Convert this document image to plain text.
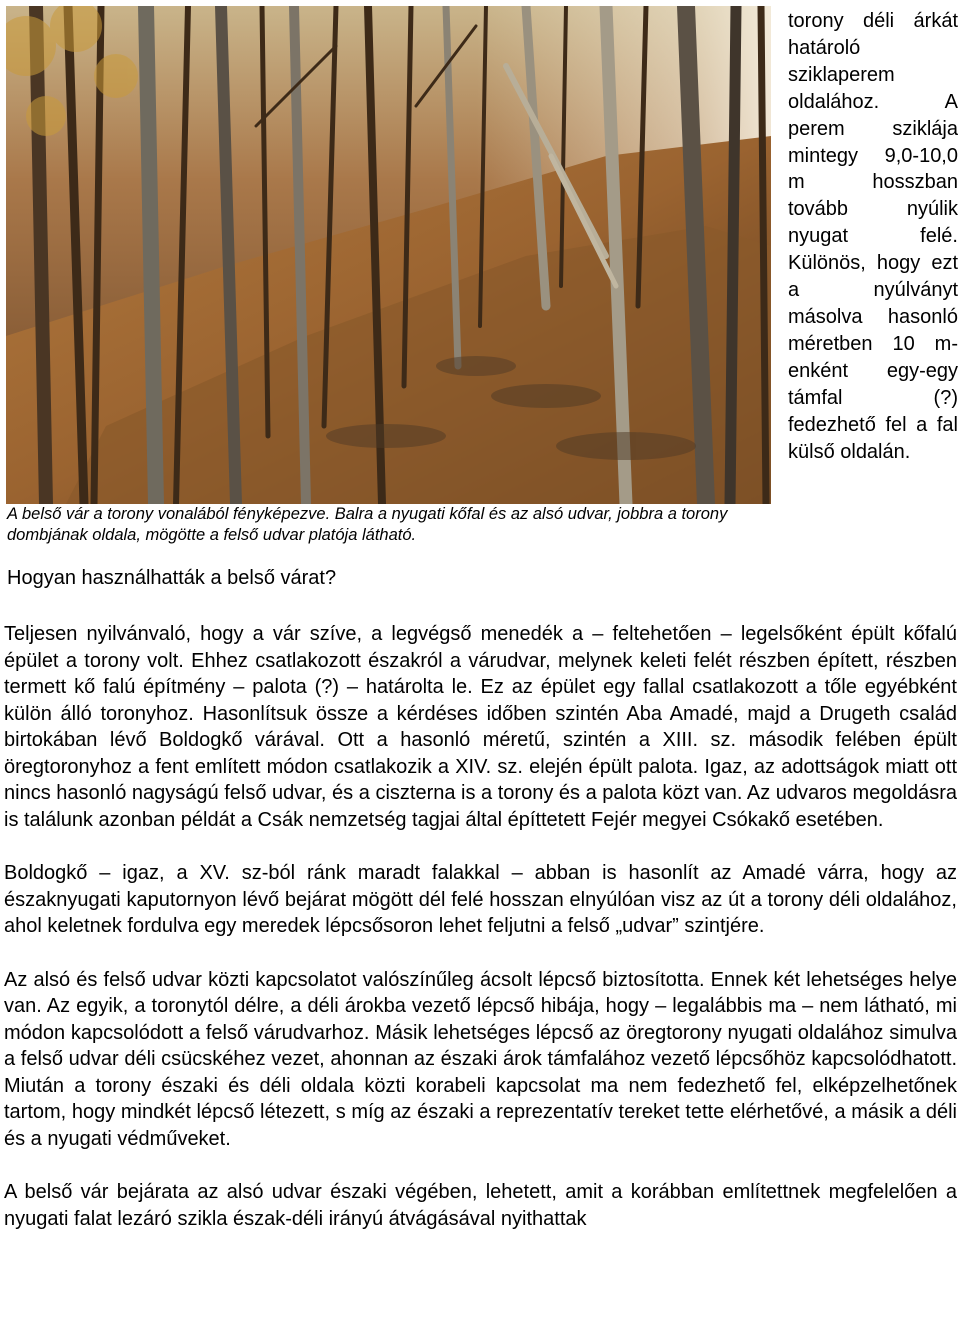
torony déli árkát határoló sziklaperem oldalához. A perem sziklája mintegy 9,0-10,0 m hosszban tovább nyúlik nyugat felé. Különös, hogy ezt a nyúlványt másolva hasonló méretben 10 m-enként egy-egy támfal (?) fedezhető fel a fal külső oldalán.
A belső vár a torony vonalából fényképezve. Balra a nyugati kőfal és az alsó udvar, jobbra a torony dombjának oldala, mögötte a felső udvar platója látható.
Hogyan használhatták a belső várat?

Teljesen nyilvánvaló, hogy a vár szíve, a legvégső menedék a – feltehetően – legelsőként épült kőfalú épület a torony volt. Ehhez csatlakozott északról a várudvar, melynek keleti felét részben épített, részben termett kő falú építmény – palota (?) – határolta le. Ez az épület egy fallal csatlakozott a tőle egyébként külön álló toronyhoz. Hasonlítsuk össze a kérdéses időben szintén Aba Amadé, majd a Drugeth család birtokában lévő Boldogkő várával. Ott a hasonló méretű, szintén a XIII. sz. második felében épült öregtoronyhoz a fent említett módon csatlakozik a XIV. sz. elején épült palota. Igaz, az adottságok miatt ott nincs hasonló nagyságú felső udvar, és a ciszterna is a torony és a palota közt van. Az udvaros megoldásra is találunk azonban példát a Csák nemzetség tagjai által építtetett Fejér megyei Csókakő esetében.

Boldogkő – igaz, a XV. sz-ból ránk maradt falakkal – abban is hasonlít az Amadé várra, hogy az északnyugati kaputornyon lévő bejárat mögött dél felé hosszan elnyúlóan visz az út a torony déli oldalához, ahol keletnek fordulva egy meredek lépcsősoron lehet feljutni a felső „udvar” szintjére.

Az alsó és felső udvar közti kapcsolatot valószínűleg ácsolt lépcső biztosította. Ennek két lehetséges helye van. Az egyik, a toronytól délre, a déli árokba vezető lépcső hibája, hogy – legalábbis ma – nem látható, mi módon kapcsolódott a felső várudvarhoz. Másik lehetséges lépcső az öregtorony nyugati oldalához simulva a felső udvar déli csücskéhez vezet, ahonnan az északi árok támfalához vezető lépcsőhöz kapcsolódhatott. Miután a torony északi és déli oldala közti korabeli kapcsolat ma nem fedezhető fel, elképzelhetőnek tartom, hogy mindkét lépcső létezett, s míg az északi a reprezentatív tereket tette elérhetővé, a másik a déli és a nyugati védműveket.

A belső vár bejárata az alsó udvar északi végében, lehetett, amit a korábban említettnek megfelelően a nyugati falat lezáró szikla észak-déli irányú átvágásával nyithattak
